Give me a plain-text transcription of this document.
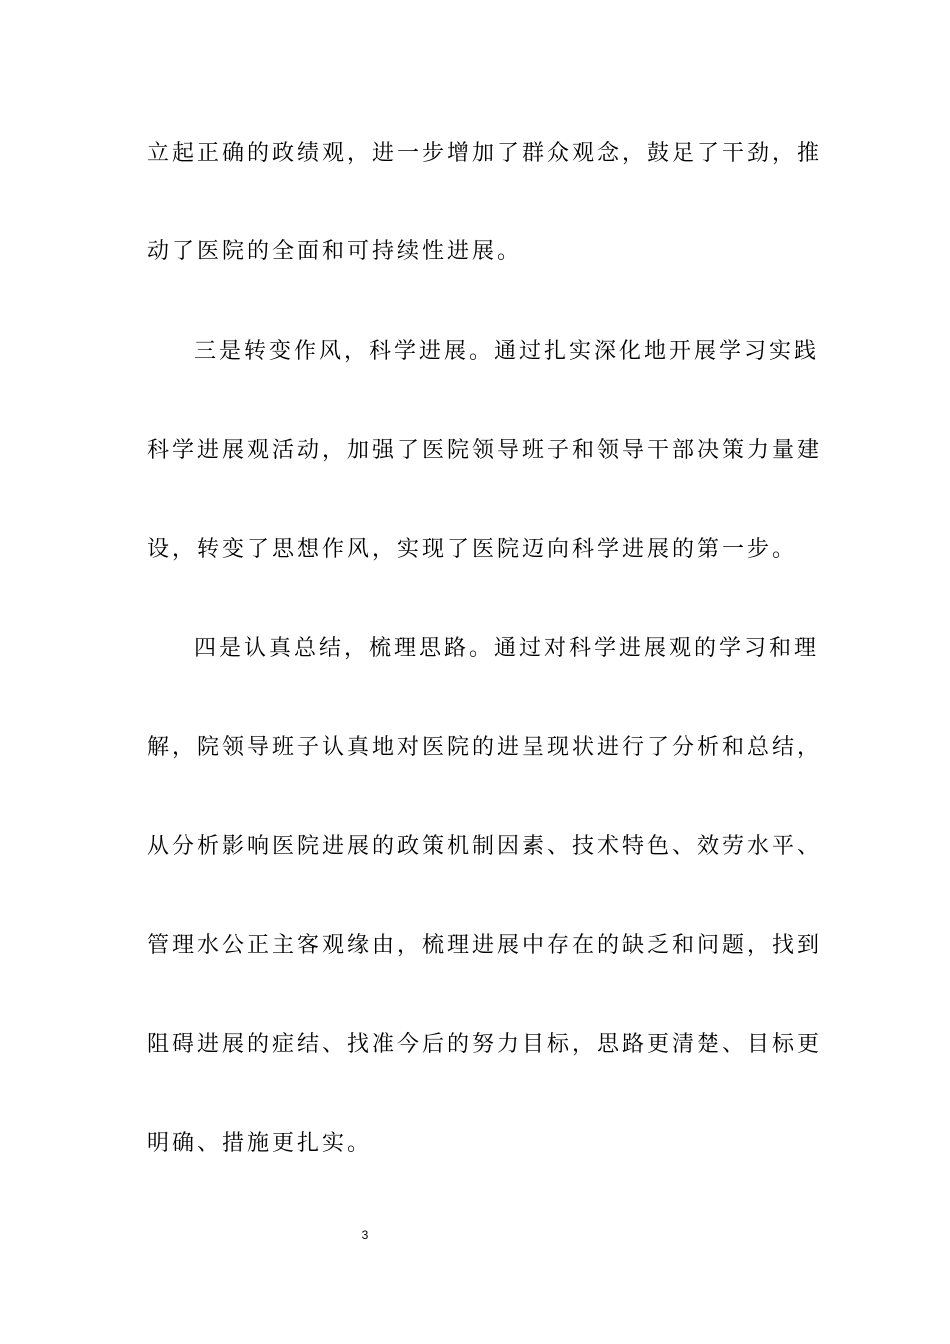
立起正确的政绩观，进一步增加了群众观念，鼓足了干劲，推
动了医院的全面和可持续性进展。
三是转变作风，科学进展。通过扎实深化地开展学习实践
科学进展观活动，加强了医院领导班子和领导干部决策力量建
设，转变了思想作风，实现了医院迈向科学进展的第一步。
四是认真总结，梳理思路。通过对科学进展观的学习和理
解，院领导班子认真地对医院的进呈现状进行了分析和总结，
从分析影响医院进展的政策机制因素、技术特色、效劳水平、
管理水公正主客观缘由，梳理进展中存在的缺乏和问题，找到
阻碍进展的症结、找准今后的努力目标，思路更清楚、目标更
明确、措施更扎实。
3
